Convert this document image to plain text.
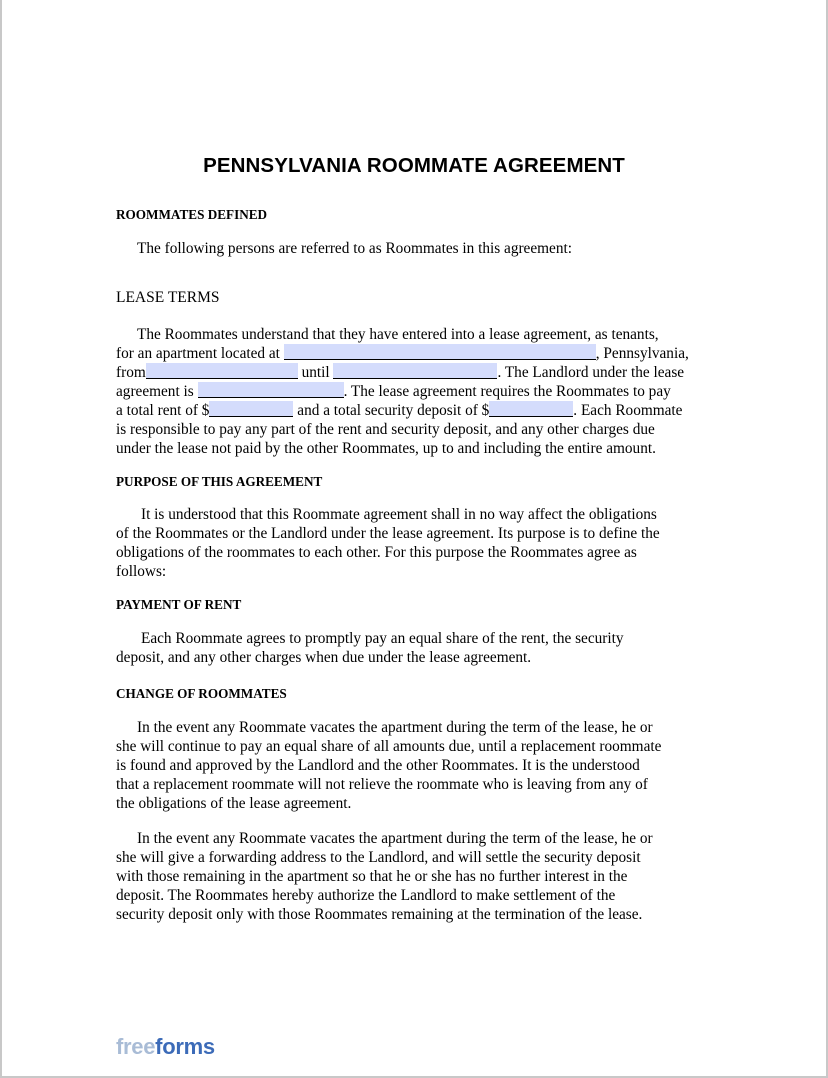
PENNSYLVANIA ROOMMATE AGREEMENT
ROOMMATES DEFINED
The following persons are referred to as Roommates in this agreement:
LEASE TERMS
The Roommates understand that they have entered into a lease agreement, as tenants,
for an apartment located at	, Pennsylvania,
from	until	. The Landlord under the lease
agreement is	. The lease agreement requires the Roommates to pay
a total rent of $	and a total security deposit of $	. Each Roommate
is responsible to pay any part of the rent and security deposit, and any other charges due
under the lease not paid by the other Roommates, up to and including the entire amount.
PURPOSE OF THIS AGREEMENT
It is understood that this Roommate agreement shall in no way affect the obligations
of the Roommates or the Landlord under the lease agreement. Its purpose is to define the
obligations of the roommates to each other. For this purpose the Roommates agree as
follows:
PAYMENT OF RENT
Each Roommate agrees to promptly pay an equal share of the rent, the security
deposit, and any other charges when due under the lease agreement.
CHANGE OF ROOMMATES
In the event any Roommate vacates the apartment during the term of the lease, he or
she will continue to pay an equal share of all amounts due, until a replacement roommate
is found and approved by the Landlord and the other Roommates. It is the understood
that a replacement roommate will not relieve the roommate who is leaving from any of
the obligations of the lease agreement.
In the event any Roommate vacates the apartment during the term of the lease, he or
she will give a forwarding address to the Landlord, and will settle the security deposit
with those remaining in the apartment so that he or she has no further interest in the
deposit. The Roommates hereby authorize the Landlord to make settlement of the
security deposit only with those Roommates remaining at the termination of the lease.
freeforms
